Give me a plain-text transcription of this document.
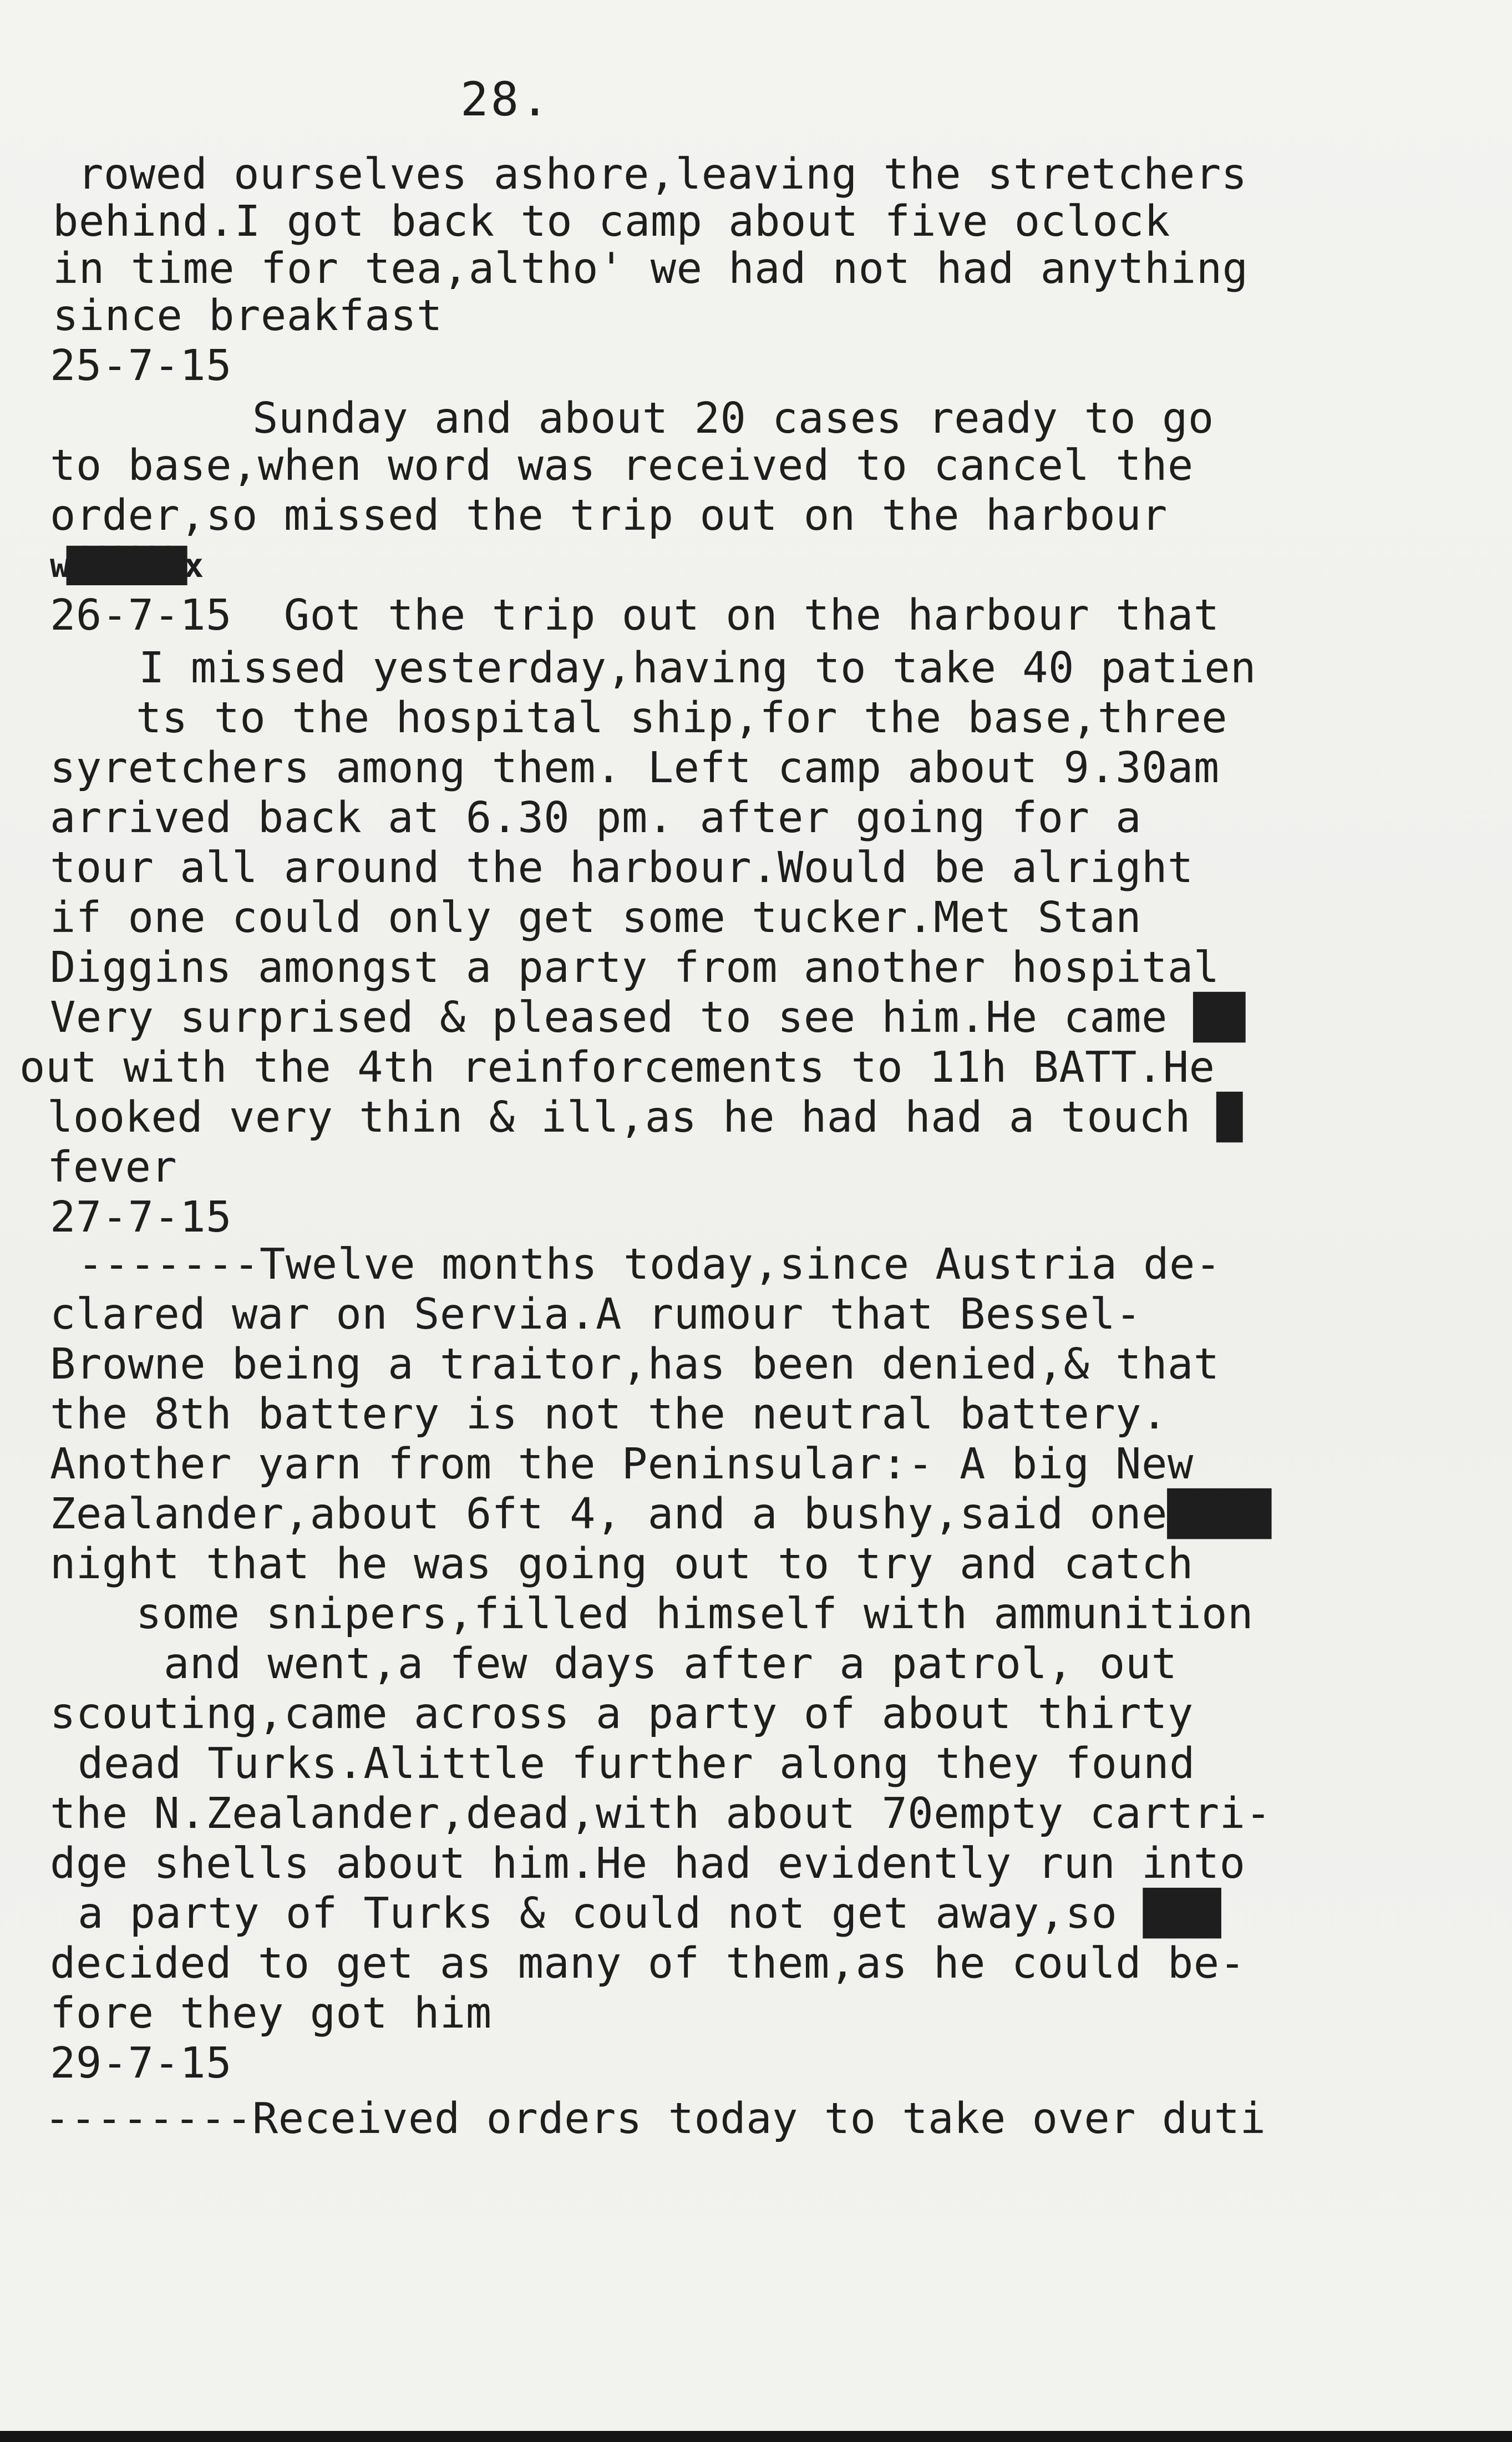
28.
rowed ourselves ashore,leaving the stretchers
behind.I got back to camp about five oclock
in time for tea,altho' we had not had anything
since breakfast
25-7-15
Sunday and about 20 cases ready to go
to base,when word was received to cancel the
order,so missed the trip out on the harbour
w███████x
26-7-15  Got the trip out on the harbour that
I missed yesterday,having to take 40 patien
ts to the hospital ship,for the base,three
syretchers among them. Left camp about 9.30am
arrived back at 6.30 pm. after going for a
tour all around the harbour.Would be alright
if one could only get some tucker.Met Stan
Diggins amongst a party from another hospital
Very surprised & pleased to see him.He came ██
out with the 4th reinforcements to 11h BATT.He
looked very thin & ill,as he had had a touch █
fever
27-7-15
-------Twelve months today,since Austria de-
clared war on Servia.A rumour that Bessel-
Browne being a traitor,has been denied,& that
the 8th battery is not the neutral battery.
Another yarn from the Peninsular:- A big New
Zealander,about 6ft 4, and a bushy,said one████
night that he was going out to try and catch
some snipers,filled himself with ammunition
and went,a few days after a patrol, out
scouting,came across a party of about thirty
dead Turks.Alittle further along they found
the N.Zealander,dead,with about 70empty cartri-
dge shells about him.He had evidently run into
a party of Turks & could not get away,so ███
decided to get as many of them,as he could be-
fore they got him
29-7-15
--------Received orders today to take over duti
